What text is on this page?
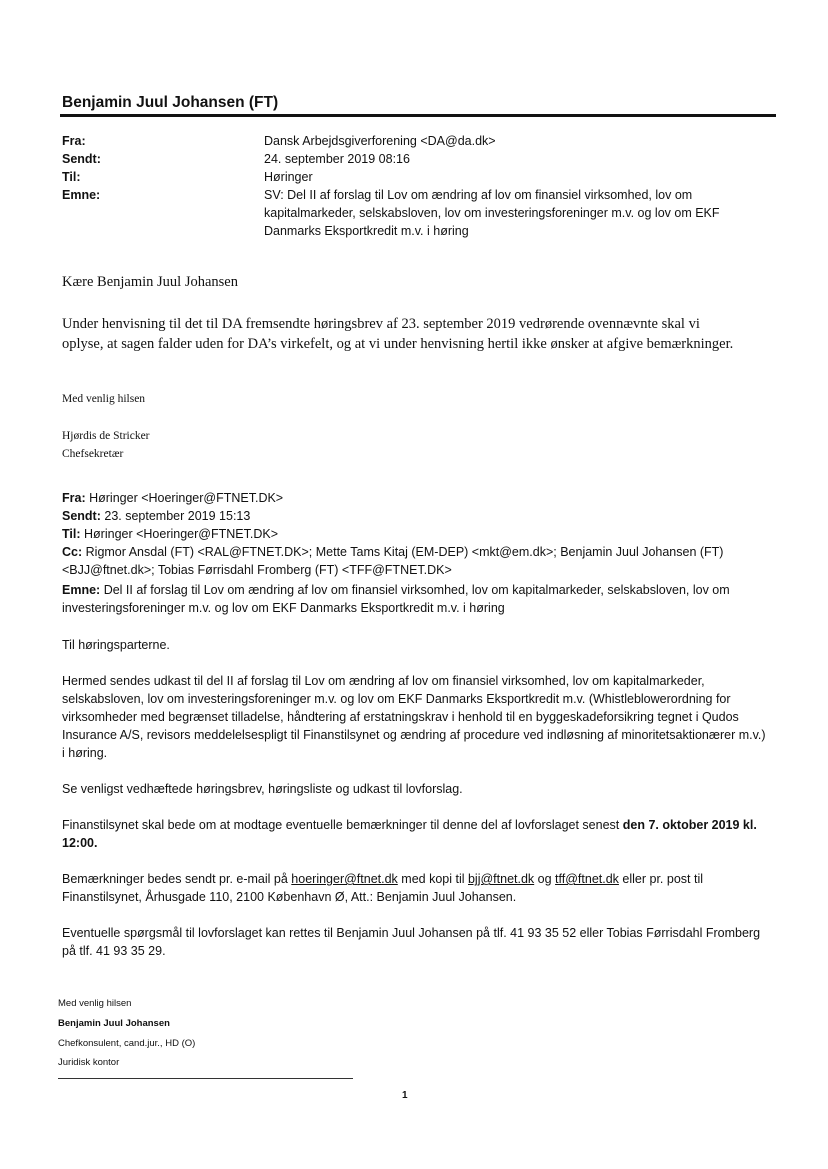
Benjamin Juul Johansen (FT)
Fra:	Dansk Arbejdsgiverforening <DA@da.dk>
Sendt:	24. september 2019 08:16
Til:	Høringer
Emne:	SV: Del II af forslag til Lov om ændring af lov om finansiel virksomhed, lov om kapitalmarkeder, selskabsloven, lov om investeringsforeninger m.v. og lov om EKF Danmarks Eksportkredit m.v. i høring
Kære Benjamin Juul Johansen
Under henvisning til det til DA fremsendte høringsbrev af 23. september 2019 vedrørende ovennævnte skal vi oplyse, at sagen falder uden for DA’s virkefelt, og at vi under henvisning hertil ikke ønsker at afgive bemærkninger.
Med venlig hilsen
Hjørdis de Stricker
Chefsekretær
Fra: Høringer <Hoeringer@FTNET.DK>
Sendt: 23. september 2019 15:13
Til: Høringer <Hoeringer@FTNET.DK>
Cc: Rigmor Ansdal (FT) <RAL@FTNET.DK>; Mette Tams Kitaj (EM-DEP) <mkt@em.dk>; Benjamin Juul Johansen (FT) <BJJ@ftnet.dk>; Tobias Førrisdahl Fromberg (FT) <TFF@FTNET.DK>
Emne: Del II af forslag til Lov om ændring af lov om finansiel virksomhed, lov om kapitalmarkeder, selskabsloven, lov om investeringsforeninger m.v. og lov om EKF Danmarks Eksportkredit m.v. i høring
Til høringsparterne.
Hermed sendes udkast til del II af forslag til Lov om ændring af lov om finansiel virksomhed, lov om kapitalmarkeder, selskabsloven, lov om investeringsforeninger m.v. og lov om EKF Danmarks Eksportkredit m.v. (Whistleblowerordning for virksomheder med begrænset tilladelse, håndtering af erstatningskrav i henhold til en byggeskadeforsikring tegnet i Qudos Insurance A/S, revisors meddelelsespligt til Finanstilsynet og ændring af procedure ved indløsning af minoritetsaktionærer m.v.) i høring.
Se venligst vedhæftede høringsbrev, høringsliste og udkast til lovforslag.
Finanstilsynet skal bede om at modtage eventuelle bemærkninger til denne del af lovforslaget senest den 7. oktober 2019 kl. 12:00.
Bemærkninger bedes sendt pr. e-mail på hoeringer@ftnet.dk med kopi til bjj@ftnet.dk og tff@ftnet.dk eller pr. post til Finanstilsynet, Århusgade 110, 2100 København Ø, Att.: Benjamin Juul Johansen.
Eventuelle spørgsmål til lovforslaget kan rettes til Benjamin Juul Johansen på tlf. 41 93 35 52 eller Tobias Førrisdahl Fromberg på tlf. 41 93 35 29.
Med venlig hilsen
Benjamin Juul Johansen
Chefkonsulent, cand.jur., HD (O)
Juridisk kontor
1
